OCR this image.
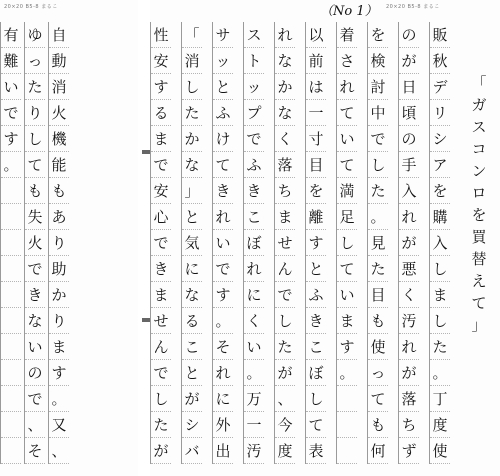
20×20 B5-8 まるこ
有
難
い
で
す
。
ゆ
っ
た
り
し
て
も
失
火
で
き
な
い
の
で
、
そ
自
動
消
火
機
能
も
あ
り
助
か
り
ま
す
。
又
、
20×20 B5-8 まるこ
（No 1）
性
安
す
る
ま
で
安
心
で
き
ま
せ
ん
で
し
た
が
「
消
し
た
か
な
」
と
気
に
な
る
こ
と
が
シ
バ
サ
ッ
と
ふ
け
て
き
れ
い
で
す
。
そ
れ
に
外
出
ス
ト
ッ
プ
で
ふ
き
こ
ぼ
れ
に
く
い
。
万
一
汚
れ
な
か
な
く
落
ち
ま
せ
ん
で
し
た
が
、
今
度
以
前
は
一
寸
目
を
離
す
と
ふ
き
こ
ぼ
し
て
表
着
さ
れ
て
い
て
満
足
し
て
い
ま
す
。
を
検
討
中
で
し
た
。
見
た
目
も
使
っ
て
も
何
の
が
日
頃
の
手
入
れ
が
悪
く
汚
れ
が
落
ち
ず
販
秋
デ
リ
シ
ア
を
購
入
し
ま
し
た
。
丁
度
使
「
ガ
ス
コ
ン
ロ
を
買
替
え
て
」
